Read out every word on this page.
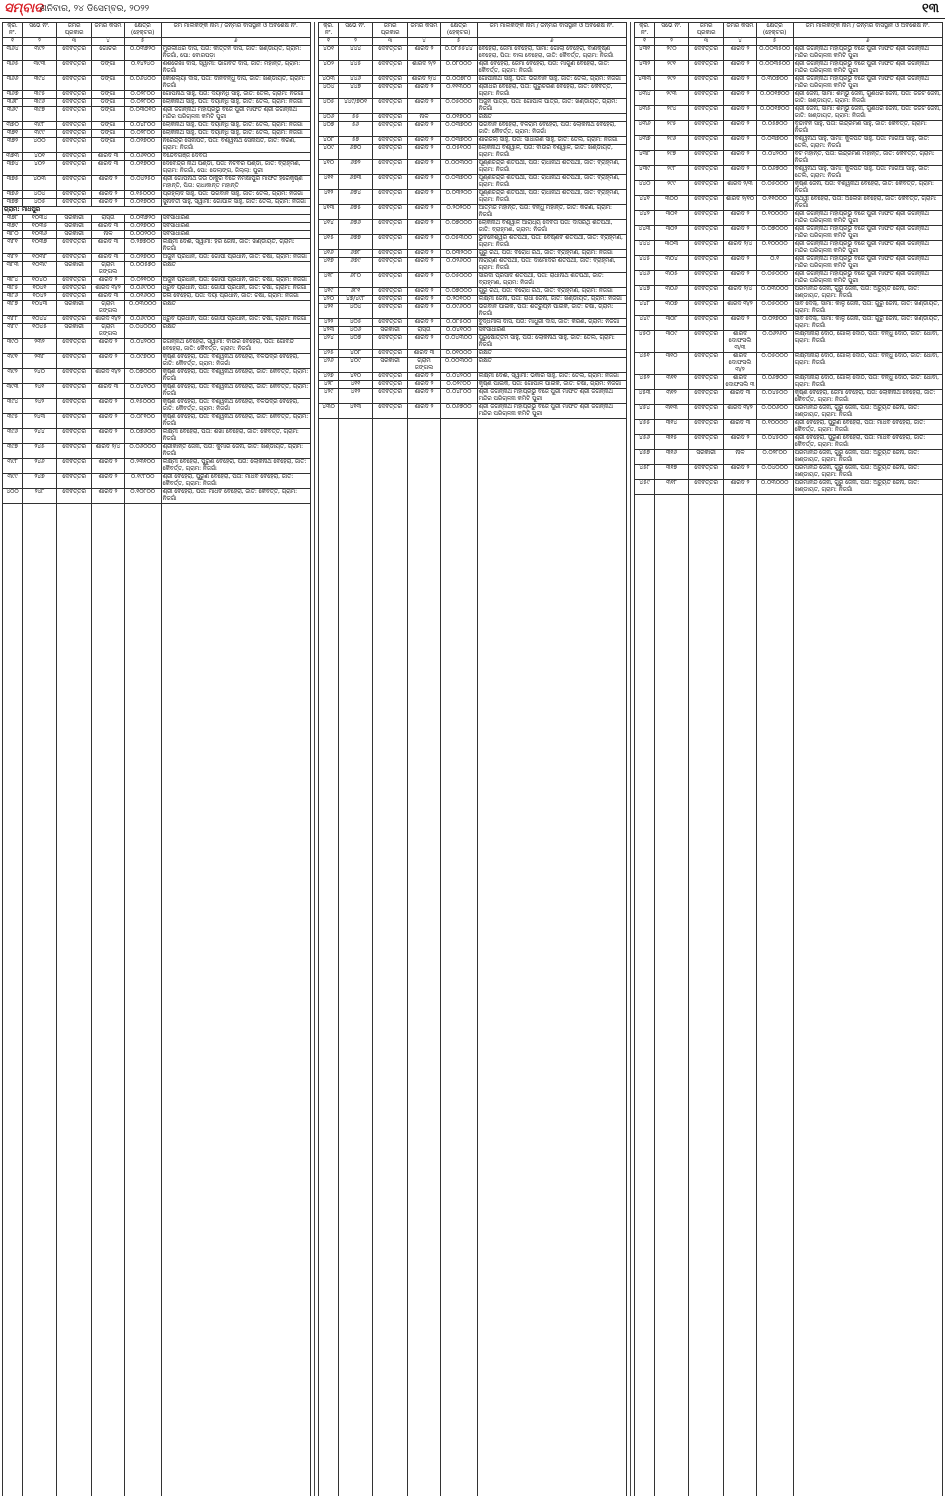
ସମ୍ବାଦ
ଶନିବାର, ୨୪ ଡିସେମ୍ବର, ୨୦୨୨	୧୩
କ୍ର. ନଂ.	ସର୍ଭେ ନଂ.	ଜମିର ପ୍ରକାର	ଜମିର କିସମ	କ୍ଷେତ୍ର (ହେକ୍ଟର)	ଜମି ମାଲିକଙ୍କ ନାମ / ଜନ୍ମର ବାସସ୍ଥାନ ଓ ଅବଶେଷ ନଂ.
୧	୨	୩	୪	୫	୬
୩୬୪	୩୯୨	ଦେବତ୍ତର	ଗୋଚର	୦.୦୩୭୨୦	ମୁରଲୀଧର ଦାସ, ପିତା: କୀର୍ତ୍ତନ ଦାସ, ଜାତି: ଖଣ୍ଡାୟତ, ଗ୍ରାମ: ନିଜଗାଁ, ପୋ: ବୋରପଡ଼ା
୩୬୫	୩୯୩	ଦେବତ୍ତର	ଡଙ୍ଗା	୦.୧୪୨୪୦	ଶଶିରେଖା ଦାସ, ସ୍ୱାମୀ: ଭାଗବତ ଦାସ, ଜାତି: ମହାନ୍ତି, ଗ୍ରାମ: ନିଜଗାଁ
୩୬୬	୩୯୪	ଦେବତ୍ତର	ଡଙ୍ଗା	୦.୦୬୪୦୦	କୌଶଲ୍ୟା ଦାସ, ପିତା: ଦୀନବନ୍ଧୁ ଦାସ, ଜାତି: ଖଣ୍ଡାୟତ, ଗ୍ରାମ: ନିଜଗାଁ
୩୬୭	୩୯୫	ଦେବତ୍ତର	ଡଙ୍ଗା	୦.୦୨୮୦୦	ଗୋପିନାଥ ସାହୁ, ପିତା: ଦୟାନିଧି ସାହୁ, ଜାତି: ତେଲି, ଗ୍ରାମ: ନିଜଗାଁ
୩୬୮	୩୯୬	ଦେବତ୍ତର	ଡଙ୍ଗା	୦.୦୨୮୦୦	ଲୋକନାଥ ସାହୁ, ପିତା: ଦୟାନିଧି ସାହୁ, ଜାତି: ତେଲି, ଗ୍ରାମ: ନିଜଗାଁ
୩୬୯	୩୯୭	ଦେବତ୍ତର	ଡଙ୍ଗା	୦.୦୩୦୧୦	ଶ୍ରୀ ଜଗନ୍ନାଥ ମହାପ୍ରଭୁ ବିଜେ ପୁରୀ ମାର୍ଫତ ଶ୍ରୀ ଜଗନ୍ନାଥ ମନ୍ଦିର ପରିଚାଳନା କମିଟି ପୁରୀ
୩୭୦	୩୯୮	ଦେବତ୍ତର	ଡଙ୍ଗା	୦.୦୪୮୦୦	ଲୋକନାଥ ସାହୁ, ପିତା: ଦୟାନିଧି ସାହୁ, ଜାତି: ତେଲି, ଗ୍ରାମ: ନିଜଗାଁ
୩୭୧	୩୯୯	ଦେବତ୍ତର	ଡଙ୍ଗା	୦.୦୨୮୦୦	ଲୋକନାଥ ସାହୁ, ପିତା: ଦୟାନିଧି ସାହୁ, ଜାତି: ତେଲି, ଗ୍ରାମ: ନିଜଗାଁ
୩୭୨	୪୦୦	ଦେବତ୍ତର	ଡଙ୍ଗା	୦.୦୨୭୦୦	ନରେନ୍ଦ୍ର ସେନାପତି, ପିତା: ବିଶ୍ୱନାଥ ସେନାପତି, ଜାତି: କରଣ, ଗ୍ରାମ: ନିଜଗାଁ
୩୭୩	୪୦୧	ଦେବତ୍ତର	ଶାରଦ ୩	୦.୦୬୧୦୦	ବନ୍ଦେବଗଞ୍ଜ ଦେବତା
୩୭୪	୪୦୨	ଦେବତ୍ତର	ଶାରଦ ୩	୦.୦୧୭୦୦	ଦେବେନ୍ଦ୍ର ନାଥ ପଣ୍ଡା, ପିତା: ନଟବର ପଣ୍ଡା, ଜାତି: ବ୍ରାହ୍ମଣ, ଗ୍ରାମ: ନିଜଗାଁ, ପୋ: ଡେଲାଙ୍ଗ, ଜିଲ୍ଲା: ପୁରୀ
୩୭୫	୪୦୩	ଦେବତ୍ତର	ଶାରଦ ୨	୦.୦୪୨୫୦	ଶ୍ରୀ ଗୋପିନାଥ ଜିଉ ଠାକୁର ବିଜେ ନିମିଷାପୁର ମାର୍ଫତ ହରେକୃଷ୍ଣ ମହାନ୍ତି, ପିତା: ରାଧାକାନ୍ତ ମହାନ୍ତି
୩୭୬	୪୦୪	ଦେବତ୍ତର	ଶାରଦ ୨	୦.୧୫୦୦୦	ପ୍ରହ୍ଲାଦ ସାହୁ, ପିତା: ଭଗବାନ ସାହୁ, ଜାତି: ତେଲି, ଗ୍ରାମ: ନିଜଗାଁ
୩୭୭	୪୦୫	ଦେବତ୍ତର	ଶାରଦ ୨	୦.୦୧୭୦୦	ସୁନାବତୀ ସାହୁ, ସ୍ୱାମୀ: ଗୋପାଳ ସାହୁ, ଜାତି: ତେଲି, ଗ୍ରାମ: ନିଜଗାଁ
ଗ୍ରାମ: ମାଧପୁର					
୩୭୮	୧୦୩୪	ସରକାରୀ	ରାସ୍ତା	୦.୦୩୭୨୦	ସର୍ବସାଧାରଣ
୩୭୯	୧୦୩୫	ସରକାରୀ	ଶାରଦ ୩	୦.୦୨୭୦୦	ସର୍ବସାଧାରଣ
୩୮୦	୧୦୩୬	ସରକାରୀ	ନାଳ	୦.୦୦୨୦୦	ସର୍ବସାଧାରଣ
୩୮୧	୧୦୩୭	ଦେବତ୍ତର	ଶାରଦ ୩	୦.୨୭୭୦୦	ଲକ୍ଷ୍ମୀ ଦେଈ, ସ୍ୱାମୀ: ହରି ଜେନା, ଜାତି: ଖଣ୍ଡାୟତ, ଗ୍ରାମ: ନିଜଗାଁ
୩୮୨	୧୦୩୮	ଦେବତ୍ତର	ଶାରଦ ୩	୦.୦୨୭୦୦	ଅର୍ଜୁନ ପ୍ରଧାନ, ପିତା: ଗୋପୀ ପ୍ରଧାନ, ଜାତି: ଚଷା, ଗ୍ରାମ: ନିଜଗାଁ
୩୮୩	୧୦୩୯	ସରକାରୀ	ଗ୍ରାମ ଜଙ୍ଗଲ	୦.୦୦୫୭୦	ରକ୍ଷିତ
୩୮୪	୧୦୪୦	ଦେବତ୍ତର	ଶାରଦ ୨	୦.୦୨୧୦୦	ଅର୍ଜୁନ ପ୍ରଧାନ, ପିତା: ଗୋପୀ ପ୍ରଧାନ, ଜାତି: ଚଷା, ଗ୍ରାମ: ନିଜଗାଁ
୩୮୫	୧୦୪୧	ଦେବତ୍ତର	ଶାରଦ ୩/୨	୦.୦୬୯୦୦	ଧ୍ରୁବ ପ୍ରଧାନ, ପିତା: ଗୋପୀ ପ୍ରଧାନ, ଜାତି: ଚଷା, ଗ୍ରାମ: ନିଜଗାଁ
୩୮୬	୧୦୪୨	ଦେବତ୍ତର	ଶାରଦ ୩	୦.୦୧୬୦୦	ଜିଳା ବେହେରା, ପିତା: ଦୟା ପ୍ରଧାନ, ଜାତି: ଚଷା, ଗ୍ରାମ: ନିଜଗାଁ
୩୮୭	୧୦୪୩	ସରକାରୀ	ଗ୍ରାମ ଜଙ୍ଗଲ	୦.୦୩୦୦୦	ରକ୍ଷିତ
୩୮୮	୧୦୪୪	ଦେବତ୍ତର	ଶାରଦ ୩/୨	୦.୦୬୯୦୦	ଧ୍ରୁବ ପ୍ରଧାନ, ପିତା: ଗୋପୀ ପ୍ରଧାନ, ଜାତି: ଚଷା, ଗ୍ରାମ: ନିଜଗାଁ
୩୮୯	୧୦୪୫	ସରକାରୀ	ଗ୍ରାମ ଜଙ୍ଗଲ	୦.୦୪୦୦୦	ରକ୍ଷିତ
୩୯୦	୨୩୨	ଦେବତ୍ତର	ଶାରଦ ୨	୦.୦୪୨୦୦	ଜଗନ୍ନାଥ ବେହେରା, ସ୍ୱାମୀ: ବାଉରି ବେହେରା, ପିତା: ଗୋବିନ୍ଦ ବେହେରା, ଜାତି: କୈବର୍ତ୍ତ, ଗ୍ରାମ: ନିଜଗାଁ
୩୯୧	୨୩୮	ଦେବତ୍ତର	ଶାରଦ ୨	୦.୦୯୭୦୦	କୃଷ୍ଣ ବେହେରା, ପିତା: ବିଶ୍ୱନାଥ ବେହେରା, ବଳଭଦ୍ର ବେହେରା, ଜାତି: କୈବର୍ତ୍ତ, ଗ୍ରାମ: ନିଜଗାଁ
୩୯୨	୨୪୦	ଦେବତ୍ତର	ଶାରଦ ୩/୨	୦.୦୭୦୦୦	କୃଷ୍ଣ ବେହେରା, ପିତା: ବିଶ୍ୱନାଥ ବେହେରା, ଜାତି: କୈବର୍ତ୍ତ, ଗ୍ରାମ: ନିଜଗାଁ
୩୯୩	୨୪୧	ଦେବତ୍ତର	ଶାରଦ ୩	୦.୦୪୧୦୦	କୃଷ୍ଣ ବେହେରା, ପିତା: ବିଶ୍ୱନାଥ ବେହେରା, ଜାତି: କୈବର୍ତ୍ତ, ଗ୍ରାମ: ନିଜଗାଁ
୩୯୪	୨୪୨	ଦେବତ୍ତର	ଶାରଦ ୨	୦.୧୫୦୦୦	କୃଷ୍ଣ ବେହେରା, ପିତା: ବିଶ୍ୱନାଥ ବେହେରା, ବଳଭଦ୍ର ବେହେରା, ଜାତି: କୈବର୍ତ୍ତ, ଗ୍ରାମ: ନିଜଗାଁ
୩୯୫	୨୪୩	ଦେବତ୍ତର	ଶାରଦ ୨	୦.୦୮୧୦୦	କୃଷ୍ଣ ବେହେରା, ପିତା: ବିଶ୍ୱନାଥ ବେହେରା, ଜାତି: କୈବର୍ତ୍ତ, ଗ୍ରାମ: ନିଜଗାଁ
୩୯୬	୨୪୪	ଦେବତ୍ତର	ଶାରଦ ୨	୦.୦୭୬୦୦	ଲକ୍ଷ୍ମୀ ବେହେରା, ପିତା: ଶିଖା ବେହେରା, ଜାତି: କୈବର୍ତ୍ତ, ଗ୍ରାମ: ନିଜଗାଁ
୩୯୭	୨୪୫	ଦେବତ୍ତର	ଶାରଦ ୨/୪	୦.୦୬୦୦୦	ଶ୍ରୀକାନ୍ତ ଜେନା, ପିତା: କୁମାର ଜେନା, ଜାତି: ଖଣ୍ଡାୟତ, ଗ୍ରାମ: ନିଜଗାଁ
୩୯୮	୨୪୬	ଦେବତ୍ତର	ଶାରଦ ୨	୦.୨୩୧୦୦	ଲକ୍ଷ୍ମୀ ବେହେରା, ପୁରୁଣି ବେହେରା, ପିତା: ଲୋକନାଥ ବେହେରା, ଜାତି: କୈବର୍ତ୍ତ, ଗ୍ରାମ: ନିଜଗାଁ
୩୯୯	୨୪୭	ଦେବତ୍ତର	ଶାରଦ ୨	୦.୧୯୮୦୦	ଶ୍ରୀ ବେହେରା, ପୁରୁଣି ବେହେରା, ପିତା: ମାଧବ ବେହେରା, ଜାତି: କୈବର୍ତ୍ତ, ଗ୍ରାମ: ନିଜଗାଁ
୪୦୦	୨୪୮	ଦେବତ୍ତର	ଶାରଦ ୨	୦.୧୦୮୦୦	ଶ୍ରୀ ବେହେରା, ପିତା: ମାଧବ ବେହେରା, ଜାତି: କୈବର୍ତ୍ତ, ଗ୍ରାମ: ନିଜଗାଁ

କ୍ର. ନଂ.	ସର୍ଭେ ନଂ.	ଜମିର ପ୍ରକାର	ଜମିର କିସମ	କ୍ଷେତ୍ର (ହେକ୍ଟର)	ଜମି ମାଲିକଙ୍କ ନାମ / ଜନ୍ମର ବାସସ୍ଥାନ ଓ ଅବଶେଷ ନଂ.
୧	୨	୩	୪	୫	୬
୪୦୧	୪୪୪	ଦେବତ୍ତର	ଶାରଦ ୨	୦.୦୮୫୫୪୪	ବେହେରା, ଜେମା ବେହେରା, ସାମା: ଗୋଲା ବେହେରା, ବାଣିକୃଷ୍ଣ ବେହେରା, ପିତା: ବାଳା ବେହେରା, ଜାତି: କୈବର୍ତ୍ତ, ଗ୍ରାମ: ନିଜଗାଁ
୪୦୨	୪୪୫	ଦେବତ୍ତର	ଶାରଦ ୨/୨	୦.୦୮୦୦୦	ଶ୍ରୀ ବେହେରା, ଜେମା ବେହେରା, ପିତା: ମାଗୁଣି ବେହେରା, ଜାତି: କୈବର୍ତ୍ତ, ଗ୍ରାମ: ନିଜଗାଁ
୪୦୩	୪୪୬	ଦେବତ୍ତର	ଶାରଦ ୨/୪	୦.୦୦୭୮୦	ଗୋପୀନାଥ ସାହୁ, ପିତା: ଭଗବାନ ସାହୁ, ଜାତି: ତେଲି, ଗ୍ରାମ: ନିଜଗାଁ
୪୦୪	୪୪୭	ଦେବତ୍ତର	ଶାରଦ ୨	୦.୧୧୩୦୦	ଶ୍ରୀଧର ବେହେରା, ପିତା: ଗୁରୁଚରଣ ବେହେରା, ଜାତି: କୈବର୍ତ୍ତ, ଗ୍ରାମ: ନିଜଗାଁ
୪୦୫	୪୪୯/୭୦୧	ଦେବତ୍ତର	ଶାରଦ ୨	୦.୦୫୦୦୦	ଅର୍ଜୁନ ପାତ୍ର, ପିତା: ଗୋପାଳ ପାତ୍ର, ଜାତି: ଖଣ୍ଡାୟତ, ଗ୍ରାମ: ନିଜଗାଁ
୪୦୬	୫୫	ଦେବତ୍ତର	ନାଳ	୦.୦୧୭୦୦	ରକ୍ଷିତ
୪୦୭	୫୬	ଦେବତ୍ତର	ଶାରଦ ୨	୦.୦୩୭୦୦	ଭଗବାନ ବେହେରା, ବଳରାମ ବେହେରା, ପିତା: ଲୋକନାଥ ବେହେରା, ଜାତି: କୈବର୍ତ୍ତ, ଗ୍ରାମ: ନିଜଗାଁ
୪୦୮	୫୭	ଦେବତ୍ତର	ଶାରଦ ୨	୦.୦୩୭୦୦	ଶାରିଜଲା ସାହୁ, ପିତା: ସାଧାରଣ ସାହୁ, ଜାତି: ତେଲି, ଗ୍ରାମ: ନିଜଗାଁ
୪୦୯	୬୭୦	ଦେବତ୍ତର	ଶାରଦ ୨	୦.୦୫୧୦୦	ଲୋକନାଥ ବିଶ୍ୱାଳ, ପିତା: ବାଉରି ବିଶ୍ୱାଳ, ଜାତି: ଖଣ୍ଡାୟତ, ଗ୍ରାମ: ନିଜଗାଁ
୪୧୦	୬୭୨	ଦେବତ୍ତର	ଶାରଦ ୨	୦.୦୦୩୦୦	ପୂର୍ଣ୍ଣଚନ୍ଦ୍ର ଶତପଥୀ, ପିତା: ରାଧାନାଥ ଶତପଥୀ, ଜାତି: ବ୍ରାହ୍ମଣ, ଗ୍ରାମ: ନିଜଗାଁ
୪୧୧	୬୭୩	ଦେବତ୍ତର	ଶାରଦ ୨	୦.୦୩୭୦୦	ପୂର୍ଣ୍ଣଚନ୍ଦ୍ର ଶତପଥୀ, ପିତା: ରାଧାନାଥ ଶତପଥୀ, ଜାତି: ବ୍ରାହ୍ମଣ, ଗ୍ରାମ: ନିଜଗାଁ
୪୧୨	୬୭୪	ଦେବତ୍ତର	ଶାରଦ ୨	୦.୦୩୨୦୦	ପୂର୍ଣ୍ଣଚନ୍ଦ୍ର ଶତପଥୀ, ପିତା: ରାଧାନାଥ ଶତପଥୀ, ଜାତି: ବ୍ରାହ୍ମଣ, ଗ୍ରାମ: ନିଜଗାଁ
୪୧୩	୬୭୫	ଦେବତ୍ତର	ଶାରଦ ୨	୦.୨୦୨୦୦	ଆତ୍ମଜ ମହାନ୍ତି, ପିତା: ବନ୍ଧୁ ମହାନ୍ତି, ଜାତି: କରଣ, ଗ୍ରାମ: ନିଜଗାଁ
୪୧୪	୬୭୬	ଦେବତ୍ତର	ଶାରଦ ୨	୦.୦୭୦୦୦	ଲୋକନାଥ ବିଶ୍ୱାଳ ଆରାଧ୍ୟ ଦେବତା ପିତା: ଦାସରଥି ଶତପଥୀ, ଜାତି: ବ୍ରାହ୍ମଣ, ଗ୍ରାମ: ନିଜଗାଁ
୪୧୫	୬୭୭	ଦେବତ୍ତର	ଶାରଦ ୨	୦.୦୫୩୦୦	ଭୁବନେଶ୍ୱର ଶତପଥୀ, ପିତା: ବୈଷ୍ଣବ ଶତପଥୀ, ଜାତି: ବ୍ରାହ୍ମଣ, ଗ୍ରାମ: ନିଜଗାଁ
୪୧୬	୬୭୮	ଦେବତ୍ତର	ଶାରଦ ୨	୦.୦୩୨୦୦	ଗୁରୁ ରଥ, ପିତା: ବିରୋଧ ରଥ, ଜାତି: ବ୍ରାହ୍ମଣ, ଗ୍ରାମ: ନିଜଗାଁ
୪୧୭	୬୭୯	ଦେବତ୍ତର	ଶାରଦ ୨	୦.୦୨୬୦୦	ନାରାୟଣ ଶତପଥୀ, ପିତା: ଦାମୋଦର ଶତପଥୀ, ଜାତି: ବ୍ରାହ୍ମଣ, ଗ୍ରାମ: ନିଜଗାଁ
୪୧୮	୬୮୦	ଦେବତ୍ତର	ଶାରଦ ୨	୦.୦୫୦୦୦	ସାରଦା ପ୍ରସାଦ ଶତପଥୀ, ପିତା: ରାଧାନାଥ ଶତପଥୀ, ଜାତି: ବ୍ରାହ୍ମଣ, ଗ୍ରାମ: ନିଜଗାଁ
୪୧୯	୬୮୧	ଦେବତ୍ତର	ଶାରଦ ୨	୦.୦୭୦୦୦	ଗୁରୁ ରଥ, ପିତା: ବିରୋଧ ରଥ, ଜାତି: ବ୍ରାହ୍ମଣ, ଗ୍ରାମ: ନିଜଗାଁ
୪୨୦	୪୭/୪୯୮	ଦେବତ୍ତର	ଶାରଦ ୨	୦.୨୦୧୦୦	ଲକ୍ଷ୍ମୀ ଜେନା, ପିତା: ରାଧା ଜେନା, ଜାତି: ଖଣ୍ଡାୟତ, ଗ୍ରାମ: ନିଜଗାଁ
୪୨୧	୪୦୪	ଦେବତ୍ତର	ଶାରଦ ୨	୦.୦୯୬୦୦	ଭଗବାନ ପାଇକ, ପିତା: ଶତ୍ରୁଘ୍ନ ପାଇକ, ଜାତି: ଚଷା, ଗ୍ରାମ: ନିଜଗାଁ
୪୨୨	୪୦୫	ଦେବତ୍ତର	ଶାରଦ ୨	୦.୦୮୫୦୦	ବୁଦ୍ଧମୀଳା ଦାସ, ପିତା: ମାଧୁରୀ ଦାସ, ଜାତି: କରଣ, ଗ୍ରାମ: ନିଜଗାଁ
୪୨୩	୪୦୬	ସରକାରୀ	ରାସ୍ତା	୦.୦୪୧୦୦	ସର୍ବସାଧାରଣ
୪୨୪	୪୦୭	ଦେବତ୍ତର	ଶାରଦ ୨	୦.୦୪୩୦୦	ପୁରୁଷୋତ୍ତମ ସାହୁ, ପିତା: ଲୋକନାଥ ସାହୁ, ଜାତି: ତେଲି, ଗ୍ରାମ: ନିଜଗାଁ
୪୨୫	୪୦୮	ଦେବତ୍ତର	ଶାରଦ ୩	୦.୦୧୦୦୦	ରକ୍ଷିତ
୪୨୬	୪୦୯	ସରକାରୀ	ଗ୍ରାମ ଜଙ୍ଗଲ	୦.୦୦୩୦୦	ରକ୍ଷିତ
୪୨୭	୪୧୦	ଦେବତ୍ତର	ଶାରଦ ୨	୦.୦୪୨୦୦	ଲକ୍ଷ୍ମୀ ଦେଈ, ସ୍ୱାମୀ: ଭିକାରି ସାହୁ, ଜାତି: ତେଲି, ଗ୍ରାମ: ନିଜଗାଁ
୪୨୮	୪୧୧	ଦେବତ୍ତର	ଶାରଦ ୨	୦.୦୨୯୦୦	କୃଷ୍ଣ ପାଇକ, ପିତା: ଗୋପାଳ ପାଇକ, ଜାତି: ଚଷା, ଗ୍ରାମ: ନିଜଗାଁ
୪୨୯	୪୧୨	ଦେବତ୍ତର	ଶାରଦ ୨	୦.୦୪୮୦୦	ଶ୍ରୀ ଜଗନ୍ନାଥ ମହାପ୍ରଭୁ ବିଜେ ପୁରୀ ମାର୍ଫତ ଶ୍ରୀ ଜଗନ୍ନାଥ ମନ୍ଦିର ପରିଚାଳନା କମିଟି ପୁରୀ
୪୩୦	୪୧୩	ଦେବତ୍ତର	ଶାରଦ ୨	୦.୦୬୭୦୦	ଶ୍ରୀ ଜଗନ୍ନାଥ ମହାପ୍ରଭୁ ବିଜେ ପୁରୀ ମାର୍ଫତ ଶ୍ରୀ ଜଗନ୍ନାଥ ମନ୍ଦିର ପରିଚାଳନା କମିଟି ପୁରୀ

କ୍ର. ନଂ.	ସର୍ଭେ ନଂ.	ଜମିର ପ୍ରକାର	ଜମିର କିସମ	କ୍ଷେତ୍ର (ହେକ୍ଟର)	ଜମି ମାଲିକଙ୍କ ନାମ / ଜନ୍ମର ବାସସ୍ଥାନ ଓ ଅବଶେଷ ନଂ.
୧	୨	୩	୪	୫	୬
୪୩୧	୨୯୦	ଦେବତ୍ତର	ଶାରଦ ୨	୦.୦୦୩୫୦୦	ଶ୍ରୀ ଜଗନ୍ନାଥ ମହାପ୍ରଭୁ ବିଜେ ପୁରୀ ମାର୍ଫତ ଶ୍ରୀ ଜଗନ୍ନାଥ ମନ୍ଦିର ପରିଚାଳନା କମିଟି ପୁରୀ
୪୩୨	୨୯୧	ଦେବତ୍ତର	ଶାରଦ ୨	୦.୦୦୩୫୦୦	ଶ୍ରୀ ଜଗନ୍ନାଥ ମହାପ୍ରଭୁ ବିଜେ ପୁରୀ ମାର୍ଫତ ଶ୍ରୀ ଜଗନ୍ନାଥ ମନ୍ଦିର ପରିଚାଳନା କମିଟି ପୁରୀ
୪୩୩	୨୯୨	ଦେବତ୍ତର	ଶାରଦ ୨	୦.୩୦୭୦୦	ଶ୍ରୀ ଜଗନ୍ନାଥ ମହାପ୍ରଭୁ ବିଜେ ପୁରୀ ମାର୍ଫତ ଶ୍ରୀ ଜଗନ୍ନାଥ ମନ୍ଦିର ପରିଚାଳନା କମିଟି ପୁରୀ
୪୩୪	୨୯୩	ଦେବତ୍ତର	ଶାରଦ ୨	୦.୦୦୧୭୦୦	ଶ୍ରୀ ଜେନା, ସାମା: ଶମ୍ଭୁ ଜେନା, ଗୁଣଧର ଜେନା, ପିତା: ଜିଜଟ ଜେନା, ଜାତି: ଖଣ୍ଡାୟତ, ଗ୍ରାମ: ନିଜଗାଁ
୪୩୫	୨୯୪	ଦେବତ୍ତର	ଶାରଦ ୨	୦.୦୦୧୭୦୦	ଶ୍ରୀ ଜେନା, ସାମା: ଶମ୍ଭୁ ଜେନା, ଗୁଣଧର ଜେନା, ପିତା: ଜିଜଟ ଜେନା, ଜାତି: ଖଣ୍ଡାୟତ, ଗ୍ରାମ: ନିଜଗାଁ
୪୩୬	୨୯୫	ଦେବତ୍ତର	ଶାରଦ ୨	୦.୦୫୭୦୦	ବୃନ୍ଦାବନ ସାହୁ, ପିତା: ଇନ୍ଦ୍ରମଣି ସାହୁ, ଜାତି: କୈବର୍ତ୍ତ, ଗ୍ରାମ: ନିଜଗାଁ
୪୩୭	୨୯୬	ଦେବତ୍ତର	ଶାରଦ ୨	୦.୦୩୭୦୦	ବିଶ୍ୱନାଥ ସାହୁ, ସାମା: କୁଳପତି ସାହୁ, ପିତା: ମାଗିଆ ସାହୁ, ଜାତି: ତେଲି, ଗ୍ରାମ: ନିଜଗାଁ
୪୩୮	୨୯୭	ଦେବତ୍ତର	ଶାରଦ ୨	୦.୦୪୨୦୦	ବଟ ମହାନ୍ତି, ପିତା: ଇନ୍ଦ୍ରମଣି ମହାନ୍ତି, ଜାତି: କୈବର୍ତ୍ତ, ଗ୍ରାମ: ନିଜଗାଁ
୪୩୯	୨୯୮	ଦେବତ୍ତର	ଶାରଦ ୨	୦.୦୬୭୦୦	ବିଶ୍ୱନାଥ ସାହୁ, ସାମା: କୁଳପତି ସାହୁ, ପିତା: ମାଗିଆ ସାହୁ, ଜାତି: ତେଲି, ଗ୍ରାମ: ନିଜଗାଁ
୪୪୦	୨୯୯	ଦେବତ୍ତର	ଶାରଦ ୨/୩	୦.୦୫୦୦୦	କୃଷ୍ଣ ଜେନା, ପିତା: ବିଶ୍ୱନାଥ ବେହେରା, ଜାତି: କୈବର୍ତ୍ତ, ଗ୍ରାମ: ନିଜଗାଁ
୪୪୧	୩୦୦	ଦେବତ୍ତର	ଶାରଦ ୨/୧୦	୦.୧୧୦୦୦	ପୃଥ୍ୱୀ ବେହେରା, ପିତା: ଅଲେଖ ବେହେରା, ଜାତି: କୈବର୍ତ୍ତ, ଗ୍ରାମ: ନିଜଗାଁ
୪୪୨	୩୦୧	ଦେବତ୍ତର	ଶାରଦ ୨	୦.୧୦୦୦୦	ଶ୍ରୀ ଜଗନ୍ନାଥ ମହାପ୍ରଭୁ ବିଜେ ପୁରୀ ମାର୍ଫତ ଶ୍ରୀ ଜଗନ୍ନାଥ ମନ୍ଦିର ପରିଚାଳନା କମିଟି ପୁରୀ
୪୪୩	୩୦୨	ଦେବତ୍ତର	ଶାରଦ ୨	୦.୦୭୦୦୦	ଶ୍ରୀ ଜଗନ୍ନାଥ ମହାପ୍ରଭୁ ବିଜେ ପୁରୀ ମାର୍ଫତ ଶ୍ରୀ ଜଗନ୍ନାଥ ମନ୍ଦିର ପରିଚାଳନା କମିଟି ପୁରୀ
୪୪୪	୩୦୩	ଦେବତ୍ତର	ଶାରଦ ୨/୪	୦.୧୦୦୦୦	ଶ୍ରୀ ଜଗନ୍ନାଥ ମହାପ୍ରଭୁ ବିଜେ ପୁରୀ ମାର୍ଫତ ଶ୍ରୀ ଜଗନ୍ନାଥ ମନ୍ଦିର ପରିଚାଳନା କମିଟି ପୁରୀ
୪୪୫	୩୦୪	ଦେବତ୍ତର	ଶାରଦ ୨	୦.୧	ଶ୍ରୀ ଜଗନ୍ନାଥ ମହାପ୍ରଭୁ ବିଜେ ପୁରୀ ମାର୍ଫତ ଶ୍ରୀ ଜଗନ୍ନାଥ ମନ୍ଦିର ପରିଚାଳନା କମିଟି ପୁରୀ
୪୪୬	୩୦୫	ଦେବତ୍ତର	ଶାରଦ ୨	୦.୦୫୦୦୦	ଶ୍ରୀ ଜଗନ୍ନାଥ ମହାପ୍ରଭୁ ବିଜେ ପୁରୀ ମାର୍ଫତ ଶ୍ରୀ ଜଗନ୍ନାଥ ମନ୍ଦିର ପରିଚାଳନା କମିଟି ପୁରୀ
୪୪୭	୩୦୬	ଦେବତ୍ତର	ଶାରଦ ୨/୪	୦.୦୩୦୦୦	ପରମାନନ୍ଦ ଜେନା, ଗୁରୁ ଜେନା, ପିତା: ଅଚ୍ୟୁତ ଜେନା, ଜାତି: ଖଣ୍ଡାୟତ, ଗ୍ରାମ: ନିଜଗାଁ
୪୪୮	୩୦୭	ଦେବତ୍ତର	ଶାରଦ ୩/୨	୦.୦୫୦୦୦	ସାବ ଦେଶ୍ଚ, ସାମା: କାଳୁ ଜେନା, ପିତା: ଗୁରୁ ଜେନା, ଜାତି: ଖଣ୍ଡାୟତ, ଗ୍ରାମ: ନିଜଗାଁ
୪୪୯	୩୦୮	ଦେବତ୍ତର	ଶାରଦ ୨	୦.୦୨୭୦୦	ସାବ ଦେଶ୍ଚ, ସାମା: କାଳୁ ଜେନା, ପିତା: ଗୁରୁ ଜେନା, ଜାତି: ଖଣ୍ଡାୟତ, ଗ୍ରାମ: ନିଜଗାଁ
୪୫୦	୩୦୯	ଦେବତ୍ତର	ଶାରଦ ଦୋଫସଲି ୩/୩	୦.୦୬୨୬୦	ଲକ୍ଷ୍ମୀନାରା ଦୋଠ, ଗୋଲା ଦୋଠ, ପିତା: ବନ୍ଧୁ ଦୋଠ, ଜାତି: ଧୋବା, ଗ୍ରାମ: ନିଜଗାଁ
୪୫୧	୩୧୦	ଦେବତ୍ତର	ଶାରଦ ଦୋଫସଲି ୩/୨	୦.୦୫୦୦୦	ଲକ୍ଷ୍ମୀନାରା ଦୋଠ, ଗୋଲା ଦୋଠ, ପିତା: ବନ୍ଧୁ ଦୋଠ, ଜାତି: ଧୋବା, ଗ୍ରାମ: ନିଜଗାଁ
୪୫୨	୩୧୧	ଦେବତ୍ତର	ଶାରଦ ଦୋଫସଲି ୩	୦.୦୬୭୦୦	ଲକ୍ଷ୍ମୀନାରା ଦୋଠ, ଗୋଲା ଦୋଠ, ପିତା: ବନ୍ଧୁ ଦୋଠ, ଜାତି: ଧୋବା, ଗ୍ରାମ: ନିଜଗାଁ
୪୫୩	୩୧୨	ଦେବତ୍ତର	ଶାରଦ ୩	୦.୦୪୫୦୦	କୃଷ୍ଣ ବେହେରା, ଜେମା ବେହେରା, ପିତା: ଲୋକନାଥ ବେହେରା, ଜାତି: କୈବର୍ତ୍ତ, ଗ୍ରାମ: ନିଜଗାଁ
୪୫୪	୩୧୩	ଦେବତ୍ତର	ଶାରଦ ୩/୨	୦.୦୦୬୦୦	ପରମାନନ୍ଦ ଜେନା, ଗୁରୁ ଜେନା, ପିତା: ଅଚ୍ୟୁତ ଜେନା, ଜାତି: ଖଣ୍ଡାୟତ, ଗ୍ରାମ: ନିଜଗାଁ
୪୫୫	୩୧୪	ଦେବତ୍ତର	ଶାରଦ ୩	୦.୧୦୦୦୦	ଶ୍ରୀ ବେହେରା, ପୁରୁଣି ବେହେରା, ପିତା: ମାଧବ ବେହେରା, ଜାତି: କୈବର୍ତ୍ତ, ଗ୍ରାମ: ନିଜଗାଁ
୪୫୬	୩୧୫	ଦେବତ୍ତର	ଶାରଦ ୨	୦.୦୪୫୦୦	ଶ୍ରୀ ବେହେରା, ପୁରୁଣି ବେହେରା, ପିତା: ମାଧବ ବେହେରା, ଜାତି: କୈବର୍ତ୍ତ, ଗ୍ରାମ: ନିଜଗାଁ
୪୫୭	୩୧୬	ସରକାରୀ	ନାଳ	୦.୦୨୮୦୦	ପରମାନନ୍ଦ ଜେନା, ଗୁରୁ ଜେନା, ପିତା: ଅଚ୍ୟୁତ ଜେନା, ଜାତି: ଖଣ୍ଡାୟତ, ଗ୍ରାମ: ନିଜଗାଁ
୪୫୮	୩୧୭	ଦେବତ୍ତର	ଶାରଦ ୨	୦.୦୪୦୦୦	ପରମାନନ୍ଦ ଜେନା, ଗୁରୁ ଜେନା, ପିତା: ଅଚ୍ୟୁତ ଜେନା, ଜାତି: ଖଣ୍ଡାୟତ, ଗ୍ରାମ: ନିଜଗାଁ
୪୫୯	୩୧୮	ଦେବତ୍ତର	ଶାରଦ ୨	୦.୦୩୦୦୦	ପରମାନନ୍ଦ ଜେନା, ଗୁରୁ ଜେନା, ପିତା: ଅଚ୍ୟୁତ ଜେନା, ଜାତି: ଖଣ୍ଡାୟତ, ଗ୍ରାମ: ନିଜଗାଁ
